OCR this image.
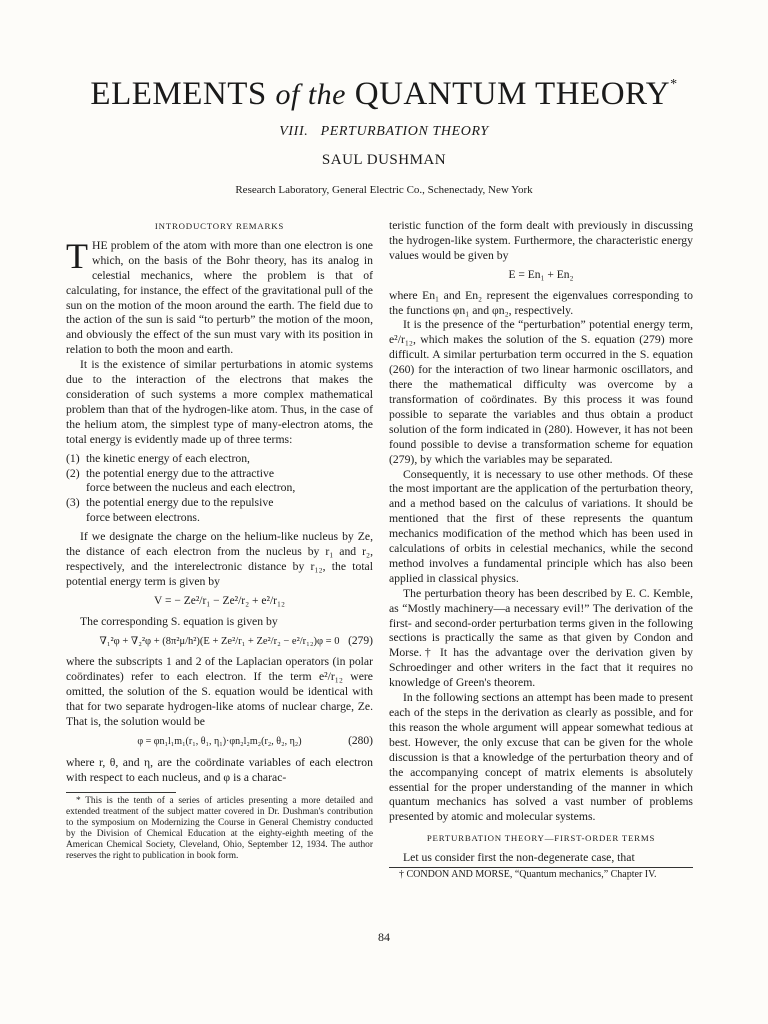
ELEMENTS of the QUANTUM THEORY*
VIII.   PERTURBATION THEORY
SAUL DUSHMAN
Research Laboratory, General Electric Co., Schenectady, New York
INTRODUCTORY REMARKS

THE problem of the atom with more than one electron is one which, on the basis of the Bohr theory, has its analog in celestial mechanics, where the problem is that of calculating, for instance, the effect of the gravitational pull of the sun on the motion of the moon around the earth. The field due to the action of the sun is said “to perturb” the motion of the moon, and obviously the effect of the sun must vary with its position in relation to both the moon and earth.

It is the existence of similar perturbations in atomic systems due to the interaction of the electrons that makes the consideration of such systems a more complex mathematical problem than that of the hydrogen-like atom. Thus, in the case of the helium atom, the simplest type of many-electron atoms, the total energy is evidently made up of three terms:

(1) the kinetic energy of each electron,
(2) the potential energy due to the attractive
force between the nucleus and each electron,
(3) the potential energy due to the repulsive
force between electrons.

If we designate the charge on the helium-like nucleus by Ze, the distance of each electron from the nucleus by r₁ and r₂, respectively, and the interelectronic distance by r₁₂, the total potential energy term is given by

V = − Ze²/r₁ − Ze²/r₂ + e²/r₁₂

The corresponding S. equation is given by

∇₁²φ + ∇₂²φ + (8π²μ/h²)(E + Ze²/r₁ + Ze²/r₂ − e²/r₁₂)φ = 0 (279)

where the subscripts 1 and 2 of the Laplacian operators (in polar coördinates) refer to each electron. If the term e²/r₁₂ were omitted, the solution of the S. equation would be identical with that for two separate hydrogen-like atoms of nuclear charge, Ze. That is, the solution would be

φ = φn₁l₁m₁(r₁, θ₁, η₁)·φn₂l₂m₂(r₂, θ₂, η₂)	(280)

where r, θ, and η, are the coördinate variables of each electron with respect to each nucleus, and φ is a charac-

* This is the tenth of a series of articles presenting a more detailed and extended treatment of the subject matter covered in Dr. Dushman's contribution to the symposium on Modernizing the Course in General Chemistry conducted by the Division of Chemical Education at the eighty-eighth meeting of the American Chemical Society, Cleveland, Ohio, September 12, 1934. The author reserves the right to publication in book form.

teristic function of the form dealt with previously in discussing the hydrogen-like system. Furthermore, the characteristic energy values would be given by

E = En₁ + En₂

where En₁ and En₂ represent the eigenvalues corresponding to the functions φn₁ and φn₂, respectively.

It is the presence of the “perturbation” potential energy term, e²/r₁₂, which makes the solution of the S. equation (279) more difficult. A similar perturbation term occurred in the S. equation (260) for the interaction of two linear harmonic oscillators, and there the mathematical difficulty was overcome by a transformation of coördinates. By this process it was found possible to separate the variables and thus obtain a product solution of the form indicated in (280). However, it has not been found possible to devise a transformation scheme for equation (279), by which the variables may be separated.

Consequently, it is necessary to use other methods. Of these the most important are the application of the perturbation theory, and a method based on the calculus of variations. It should be mentioned that the first of these represents the quantum mechanics modification of the method which has been used in calculations of orbits in celestial mechanics, while the second method involves a fundamental principle which has also been applied in classical physics.

The perturbation theory has been described by E. C. Kemble, as “Mostly machinery—a necessary evil!” The derivation of the first- and second-order perturbation terms given in the following sections is practically the same as that given by Condon and Morse.† It has the advantage over the derivation given by Schroedinger and other writers in the fact that it requires no knowledge of Green's theorem.

In the following sections an attempt has been made to present each of the steps in the derivation as clearly as possible, and for this reason the whole argument will appear somewhat tedious at best. However, the only excuse that can be given for the whole discussion is that a knowledge of the perturbation theory and of the accompanying concept of matrix elements is absolutely essential for the proper understanding of the manner in which quantum mechanics has solved a vast number of problems presented by atomic and molecular systems.

PERTURBATION THEORY—FIRST-ORDER TERMS

Let us consider first the non-degenerate case, that

† CONDON AND MORSE, “Quantum mechanics,” Chapter IV.
84
